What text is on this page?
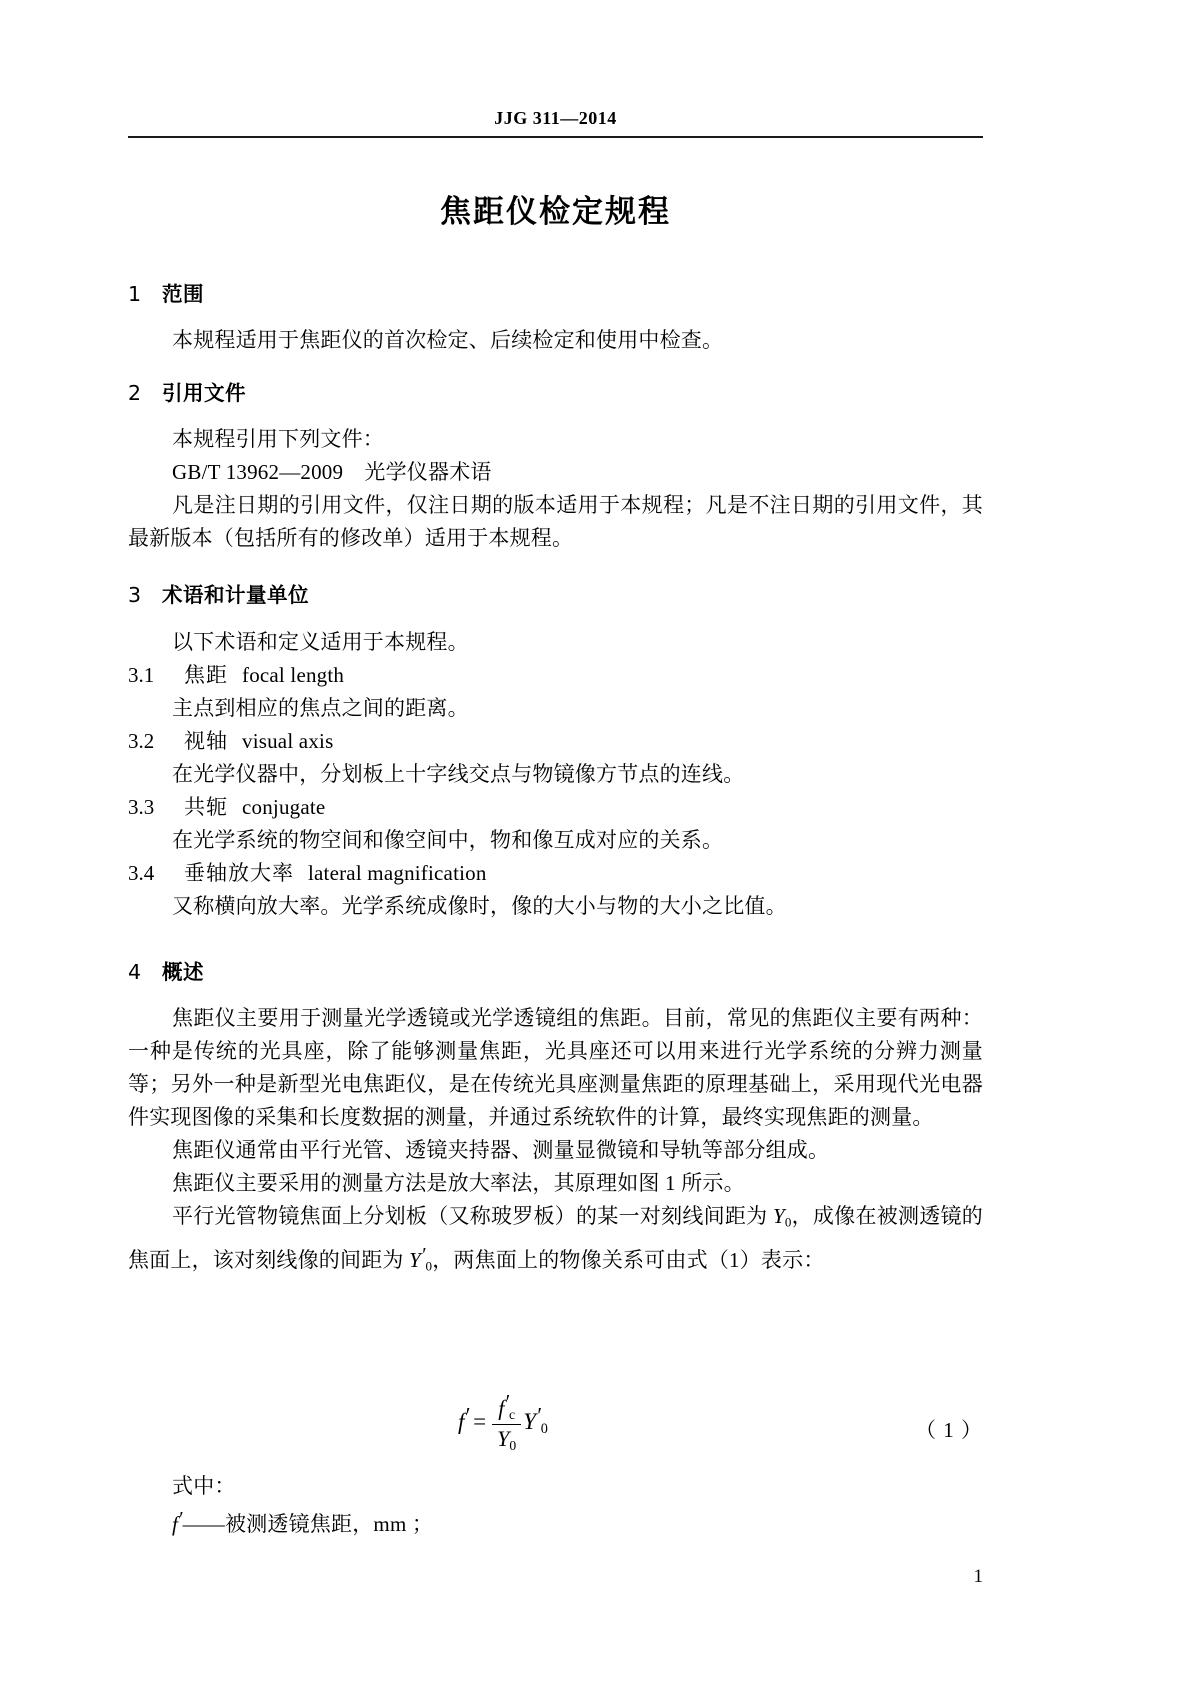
JJG 311—2014
焦距仪检定规程
1 范围

本规程适用于焦距仪的首次检定、后续检定和使用中检查。

2 引用文件

本规程引用下列文件：

GB/T 13962—2009　光学仪器术语

凡是注日期的引用文件，仅注日期的版本适用于本规程；凡是不注日期的引用文件，其最新版本（包括所有的修改单）适用于本规程。

3 术语和计量单位

以下术语和定义适用于本规程。

3.1 焦距 focal length

主点到相应的焦点之间的距离。

3.2 视轴 visual axis

在光学仪器中，分划板上十字线交点与物镜像方节点的连线。

3.3 共轭 conjugate

在光学系统的物空间和像空间中，物和像互成对应的关系。

3.4 垂轴放大率 lateral magnification

又称横向放大率。光学系统成像时，像的大小与物的大小之比值。

4 概述

焦距仪主要用于测量光学透镜或光学透镜组的焦距。目前，常见的焦距仪主要有两种：一种是传统的光具座，除了能够测量焦距，光具座还可以用来进行光学系统的分辨力测量等；另外一种是新型光电焦距仪，是在传统光具座测量焦距的原理基础上，采用现代光电器件实现图像的采集和长度数据的测量，并通过系统软件的计算，最终实现焦距的测量。

焦距仪通常由平行光管、透镜夹持器、测量显微镜和导轨等部分组成。

焦距仪主要采用的测量方法是放大率法，其原理如图 1 所示。

平行光管物镜焦面上分划板（又称玻罗板）的某一对刻线间距为 $Y_0$，成像在被测透镜的焦面上，该对刻线像的间距为 $Y'_0$，两焦面上的物像关系可由式（1）表示：

$f' = \frac{f'_c}{Y_0} Y'_0$	（ 1 ）

式中：

f′——被测透镜焦距，mm ；

1
